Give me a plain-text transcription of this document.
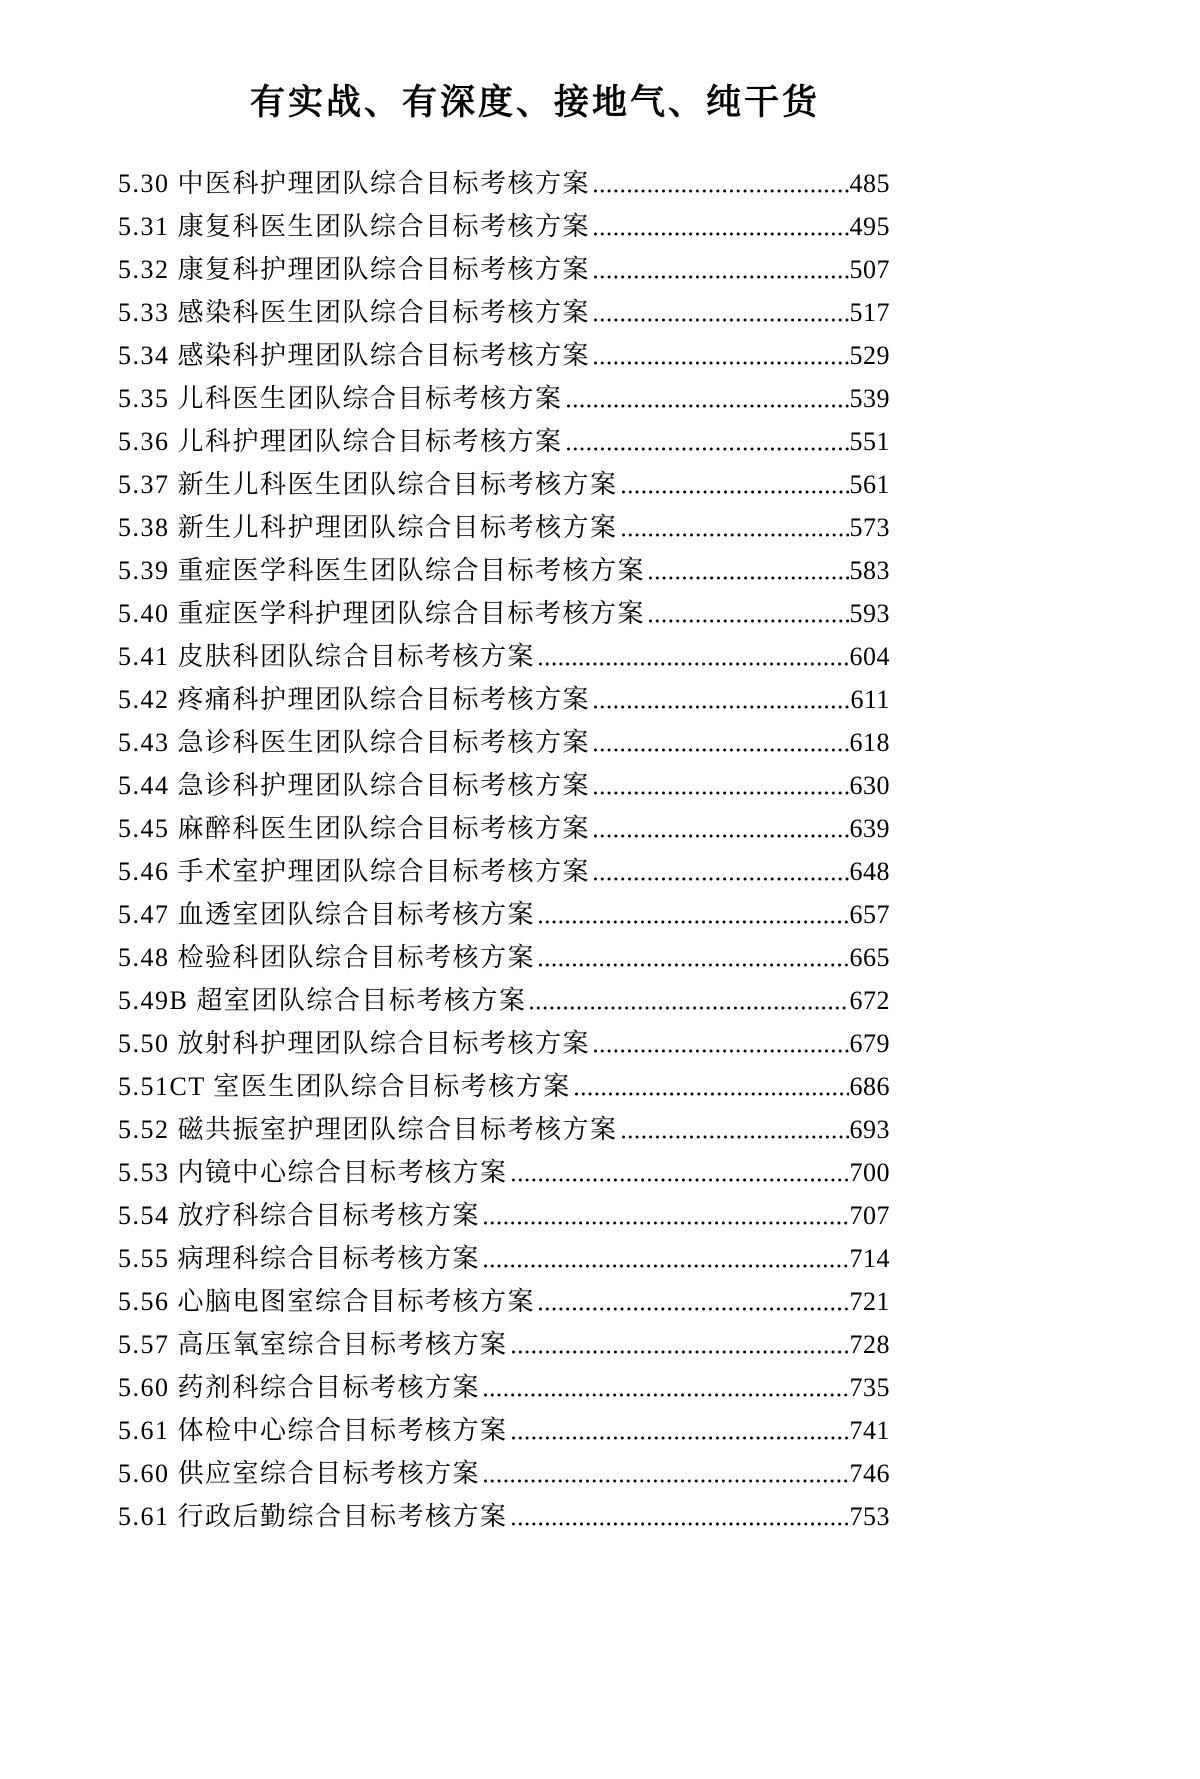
有实战、有深度、接地气、纯干货
5.30 中医科护理团队综合目标考核方案	485
5.31 康复科医生团队综合目标考核方案	495
5.32 康复科护理团队综合目标考核方案	507
5.33 感染科医生团队综合目标考核方案	517
5.34 感染科护理团队综合目标考核方案	529
5.35 儿科医生团队综合目标考核方案	539
5.36 儿科护理团队综合目标考核方案	551
5.37 新生儿科医生团队综合目标考核方案	561
5.38 新生儿科护理团队综合目标考核方案	573
5.39 重症医学科医生团队综合目标考核方案	583
5.40 重症医学科护理团队综合目标考核方案	593
5.41 皮肤科团队综合目标考核方案	604
5.42 疼痛科护理团队综合目标考核方案	611
5.43 急诊科医生团队综合目标考核方案	618
5.44 急诊科护理团队综合目标考核方案	630
5.45 麻醉科医生团队综合目标考核方案	639
5.46 手术室护理团队综合目标考核方案	648
5.47 血透室团队综合目标考核方案	657
5.48 检验科团队综合目标考核方案	665
5.49B 超室团队综合目标考核方案	672
5.50 放射科护理团队综合目标考核方案	679
5.51CT 室医生团队综合目标考核方案	686
5.52 磁共振室护理团队综合目标考核方案	693
5.53 内镜中心综合目标考核方案	700
5.54 放疗科综合目标考核方案	707
5.55 病理科综合目标考核方案	714
5.56 心脑电图室综合目标考核方案	721
5.57 高压氧室综合目标考核方案	728
5.60 药剂科综合目标考核方案	735
5.61 体检中心综合目标考核方案	741
5.60 供应室综合目标考核方案	746
5.61 行政后勤综合目标考核方案	753
